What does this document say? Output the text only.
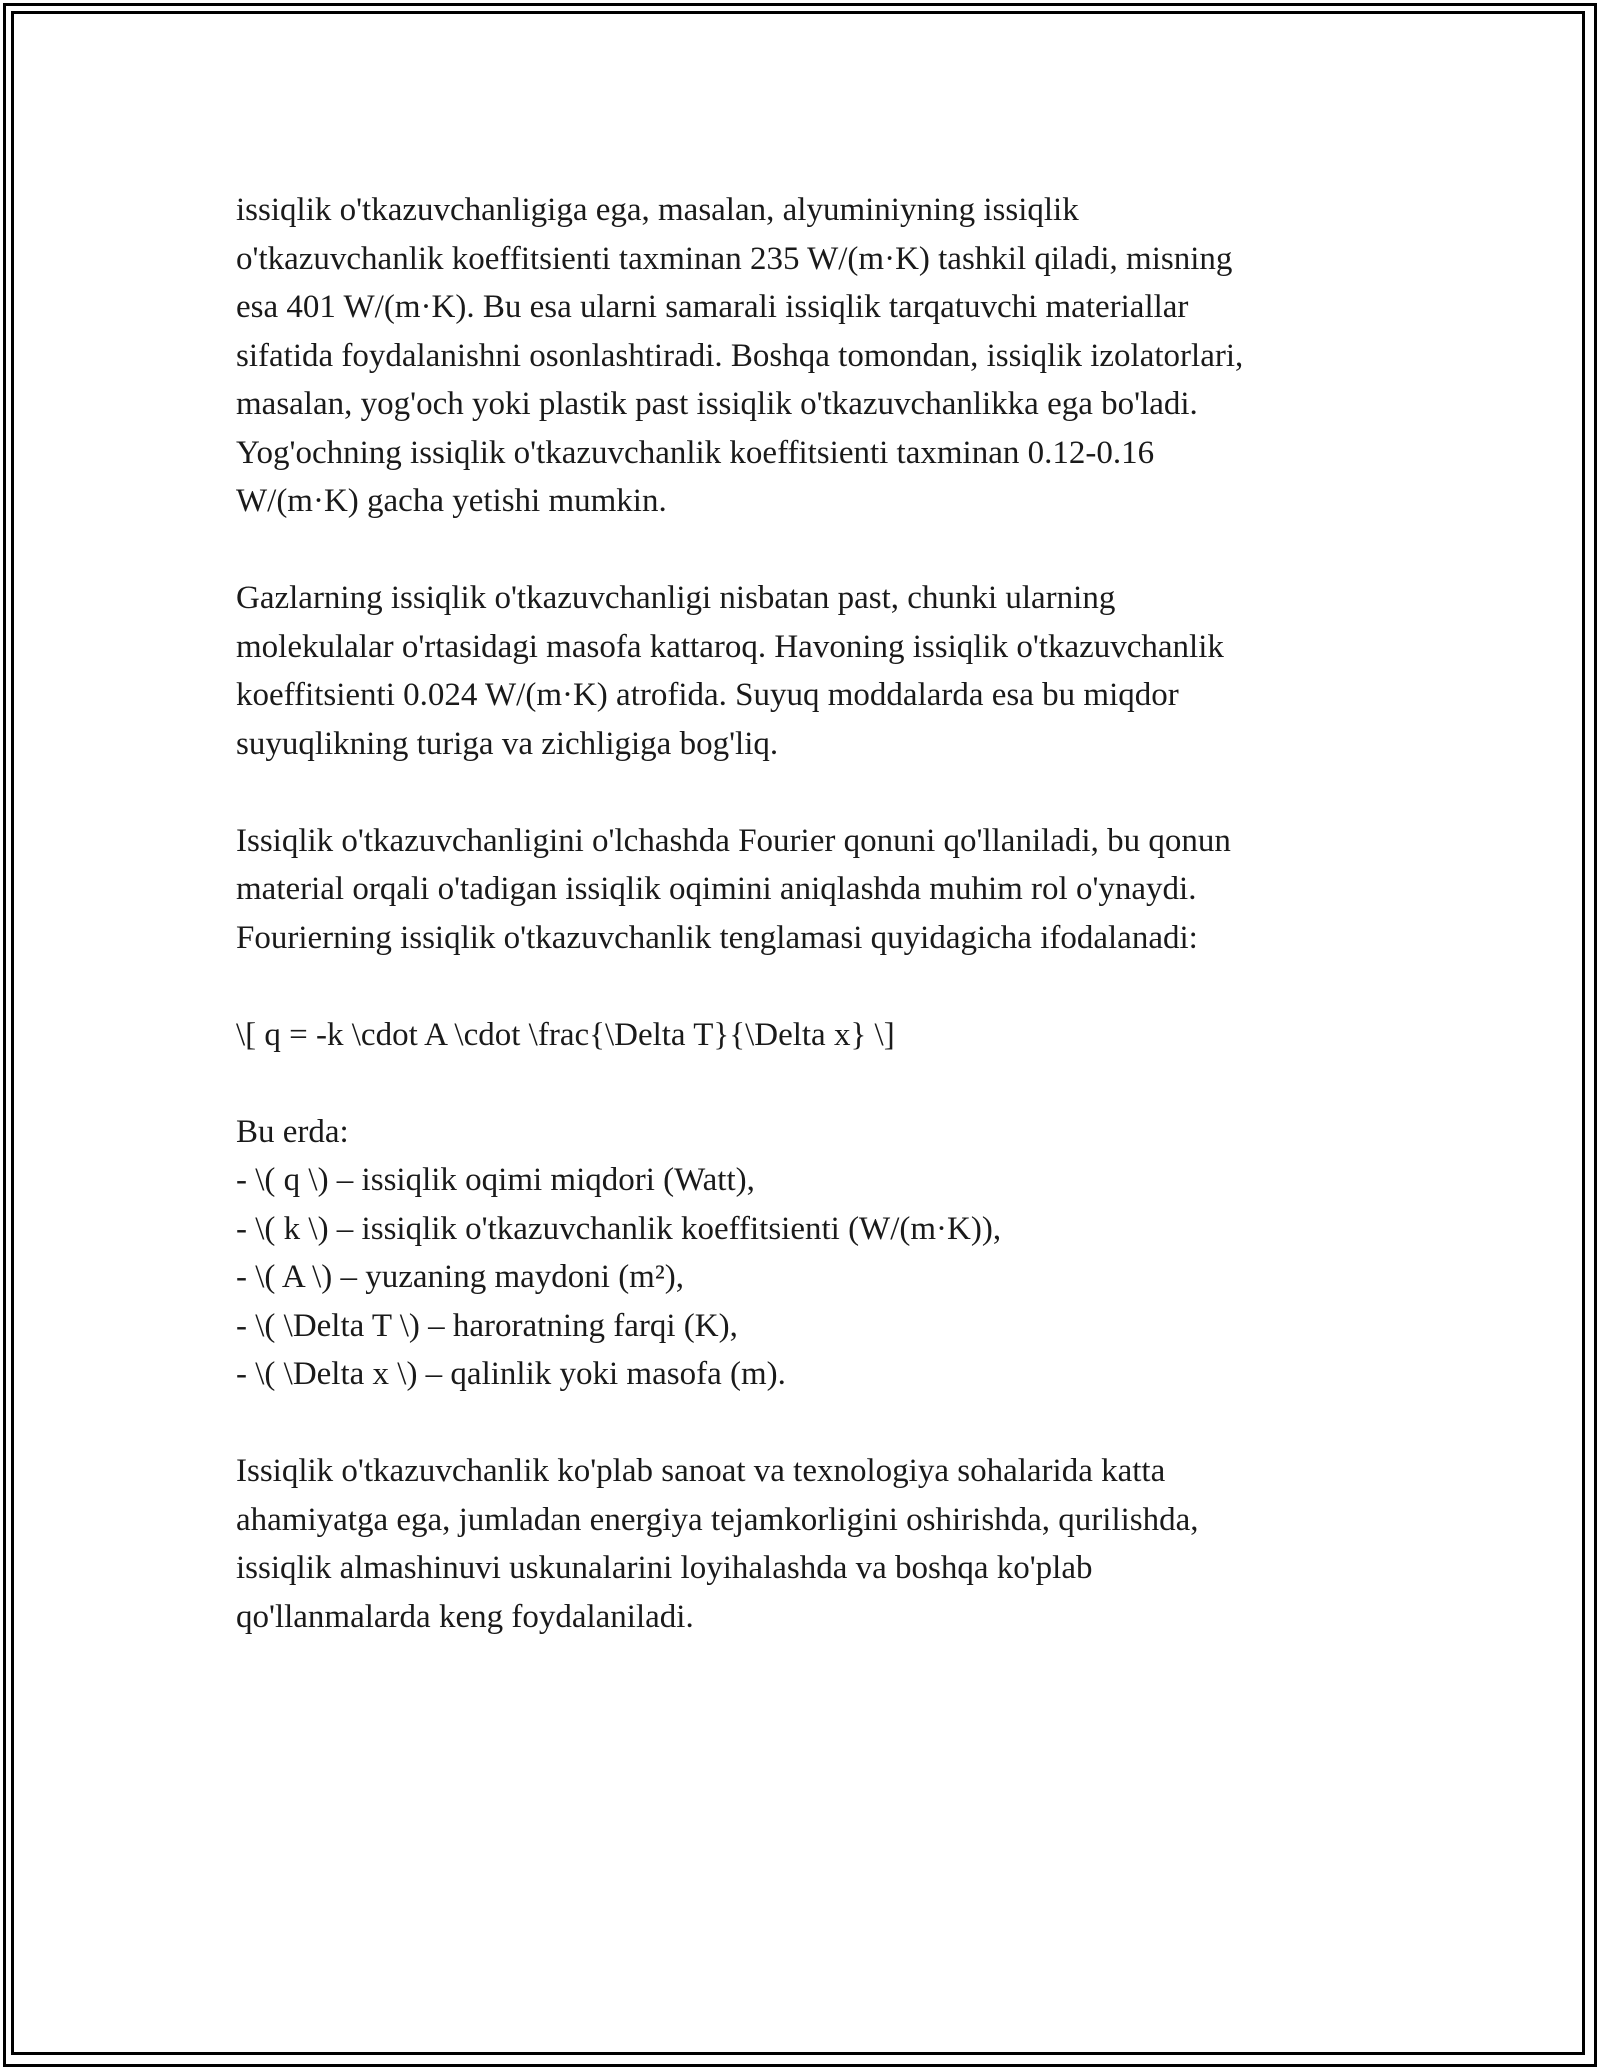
issiqlik o'tkazuvchanligiga ega, masalan, alyuminiyning issiqlik
o'tkazuvchanlik koeffitsienti taxminan 235 W/(m·K) tashkil qiladi, misning
esa 401 W/(m·K). Bu esa ularni samarali issiqlik tarqatuvchi materiallar
sifatida foydalanishni osonlashtiradi. Boshqa tomondan, issiqlik izolatorlari,
masalan, yog'och yoki plastik past issiqlik o'tkazuvchanlikka ega bo'ladi.
Yog'ochning issiqlik o'tkazuvchanlik koeffitsienti taxminan 0.12-0.16
W/(m·K) gacha yetishi mumkin.

Gazlarning issiqlik o'tkazuvchanligi nisbatan past, chunki ularning
molekulalar o'rtasidagi masofa kattaroq. Havoning issiqlik o'tkazuvchanlik
koeffitsienti 0.024 W/(m·K) atrofida. Suyuq moddalarda esa bu miqdor
suyuqlikning turiga va zichligiga bog'liq.

Issiqlik o'tkazuvchanligini o'lchashda Fourier qonuni qo'llaniladi, bu qonun
material orqali o'tadigan issiqlik oqimini aniqlashda muhim rol o'ynaydi.
Fourierning issiqlik o'tkazuvchanlik tenglamasi quyidagicha ifodalanadi:

\[ q = -k \cdot A \cdot \frac{\Delta T}{\Delta x} \]

Bu erda:
- \( q \) – issiqlik oqimi miqdori (Watt),
- \( k \) – issiqlik o'tkazuvchanlik koeffitsienti (W/(m·K)),
- \( A \) – yuzaning maydoni (m²),
- \( \Delta T \) – haroratning farqi (K),
- \( \Delta x \) – qalinlik yoki masofa (m).

Issiqlik o'tkazuvchanlik ko'plab sanoat va texnologiya sohalarida katta
ahamiyatga ega, jumladan energiya tejamkorligini oshirishda, qurilishda,
issiqlik almashinuvi uskunalarini loyihalashda va boshqa ko'plab
qo'llanmalarda keng foydalaniladi.
